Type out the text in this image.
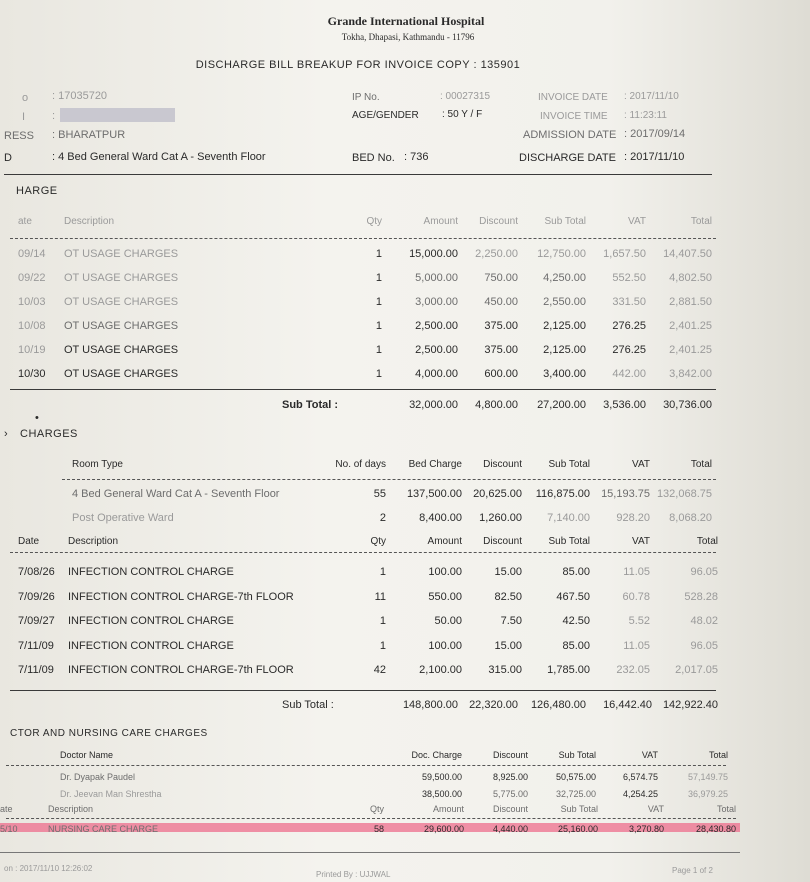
Grande International Hospital
Tokha, Dhapasi, Kathmandu - 11796
DISCHARGE BILL BREAKUP FOR INVOICE COPY : 135901
o : 17035720
I :
RESS : BHARATPUR
D	: 4 Bed General Ward Cat A - Seventh Floor
IP No.	: 00027315
AGE/GENDER : 50 Y / F
BED No. : 736
INVOICE DATE : 2017/11/10
INVOICE TIME : 11:23:11
ADMISSION DATE : 2017/09/14
DISCHARGE DATE : 2017/11/10
HARGE
ate	Description	Qty	Amount	Discount	Sub Total	VAT	Total
09/14 OT USAGE CHARGES	1	15,000.00	2,250.00	12,750.00	1,657.50	14,407.50
09/22 OT USAGE CHARGES	1	5,000.00	750.00	4,250.00	552.50	4,802.50
10/03 OT USAGE CHARGES	1	3,000.00	450.00	2,550.00	331.50	2,881.50
10/08 OT USAGE CHARGES	1	2,500.00	375.00	2,125.00	276.25	2,401.25
10/19 OT USAGE CHARGES	1	2,500.00	375.00	2,125.00	276.25	2,401.25
10/30 OT USAGE CHARGES	1	4,000.00	600.00	3,400.00	442.00	3,842.00
Sub Total :	32,000.00	4,800.00	27,200.00	3,536.00	30,736.00
•
CHARGES
›
Room Type	No. of days	Bed Charge	Discount	Sub Total	VAT	Total
4 Bed General Ward Cat A - Seventh Floor	55	137,500.00	20,625.00	116,875.00	15,193.75 132,068.75
Post Operative Ward	2	8,400.00	1,260.00	7,140.00	928.20	8,068.20
Date	Description	Qty	Amount	Discount	Sub Total	VAT	Total
7/08/26 INFECTION CONTROL CHARGE	1	100.00	15.00	85.00	11.05	96.05
7/09/26 INFECTION CONTROL CHARGE-7th FLOOR	11	550.00	82.50	467.50	60.78	528.28
7/09/27 INFECTION CONTROL CHARGE	1	50.00	7.50	42.50	5.52	48.02
7/11/09 INFECTION CONTROL CHARGE	1	100.00	15.00	85.00	11.05	96.05
7/11/09 INFECTION CONTROL CHARGE-7th FLOOR	42	2,100.00	315.00	1,785.00	232.05	2,017.05
Sub Total :	148,800.00	22,320.00	126,480.00	16,442.40 142,922.40
CTOR AND NURSING CARE CHARGES
Doctor Name	Doc. Charge	Discount	Sub Total	VAT	Total
Dr. Dyapak Paudel	59,500.00	8,925.00	50,575.00	6,574.75	57,149.75
Dr. Jeevan Man Shrestha	38,500.00	5,775.00	32,725.00	4,254.25	36,979.25
ate	Description	Qty	Amount	Discount	Sub Total	VAT	Total
5/10	NURSING CARE CHARGE	58	29,600.00	4,440.00	25,160.00	3,270.80	28,430.80
on : 2017/11/10 12:26:02
Printed By : UJJWAL	Page 1 of 2
